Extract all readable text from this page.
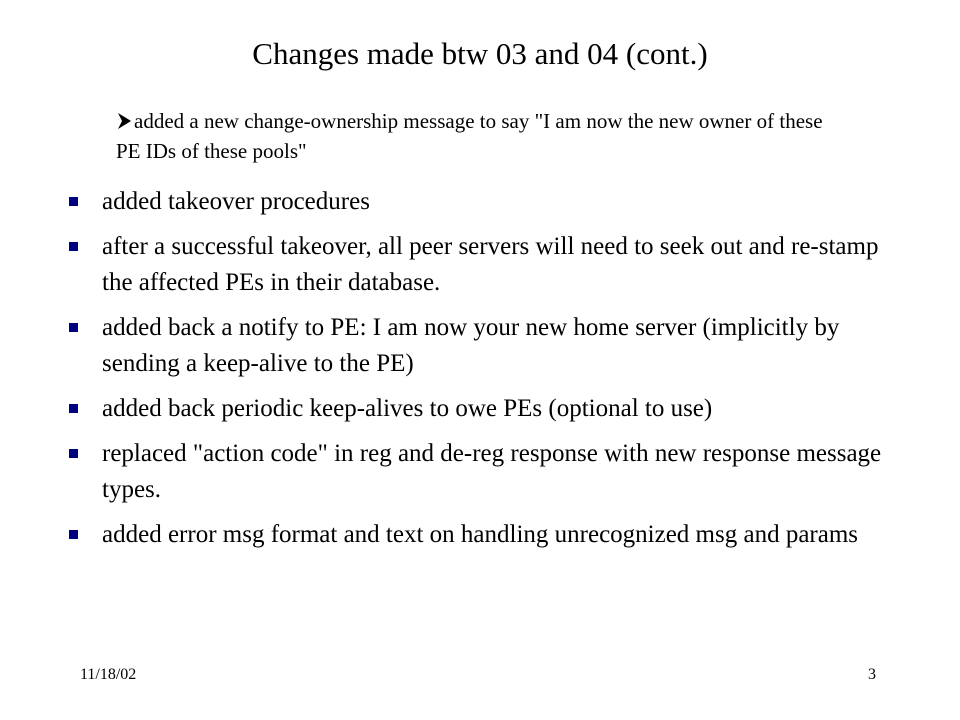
Changes made btw 03 and 04 (cont.)
added a new change-ownership message to say "I am now the new owner of these PE IDs of these pools"
added takeover procedures
after a successful takeover, all peer servers will need to seek out and re-stamp the affected PEs in their database.
added back a notify to PE: I am now your new home server (implicitly by sending a keep-alive to the PE)
added back periodic keep-alives to owe PEs (optional to use)
replaced "action code" in reg and de-reg response with new response message types.
added error msg format and text on handling unrecognized msg and params
11/18/02	3
